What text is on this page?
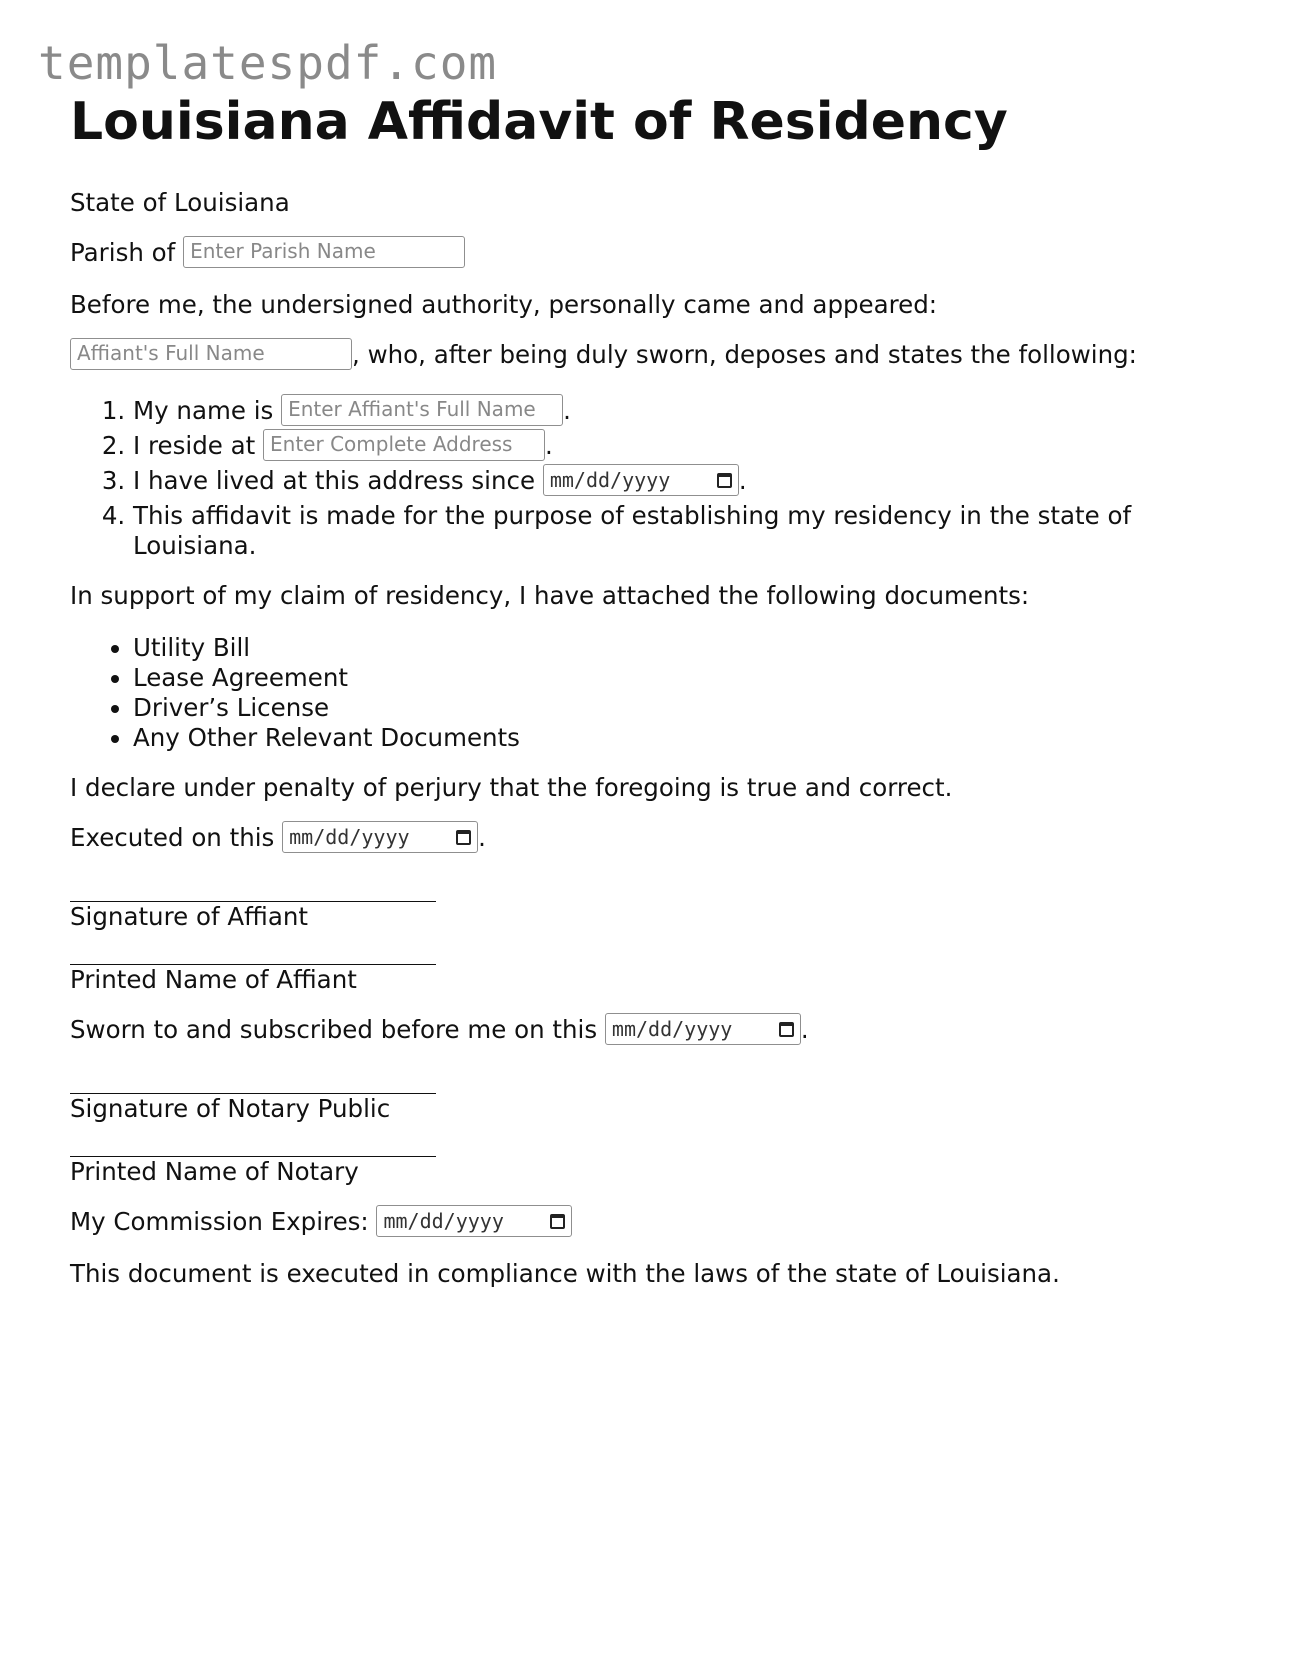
templatespdf.com
Louisiana Affidavit of Residency

State of Louisiana

Parish of Enter Parish Name

Before me, the undersigned authority, personally came and appeared:

Affiant's Full Name	, who, after being duly sworn, deposes and states the following:

1. My name is Enter Affiant's Full Name .
2. I reside at Enter Complete Address .
3. I have lived at this address since mm/dd/yyyy	.
4. This affidavit is made for the purpose of establishing my residency in the state of Louisiana.

In support of my claim of residency, I have attached the following documents:

• Utility Bill
• Lease Agreement
• Driver’s License
• Any Other Relevant Documents

I declare under penalty of perjury that the foregoing is true and correct.

Executed on this mm/dd/yyyy	.

Signature of Affiant
Printed Name of Affiant

Sworn to and subscribed before me on this mm/dd/yyyy	.

Signature of Notary Public
Printed Name of Notary

My Commission Expires: mm/dd/yyyy

This document is executed in compliance with the laws of the state of Louisiana.
